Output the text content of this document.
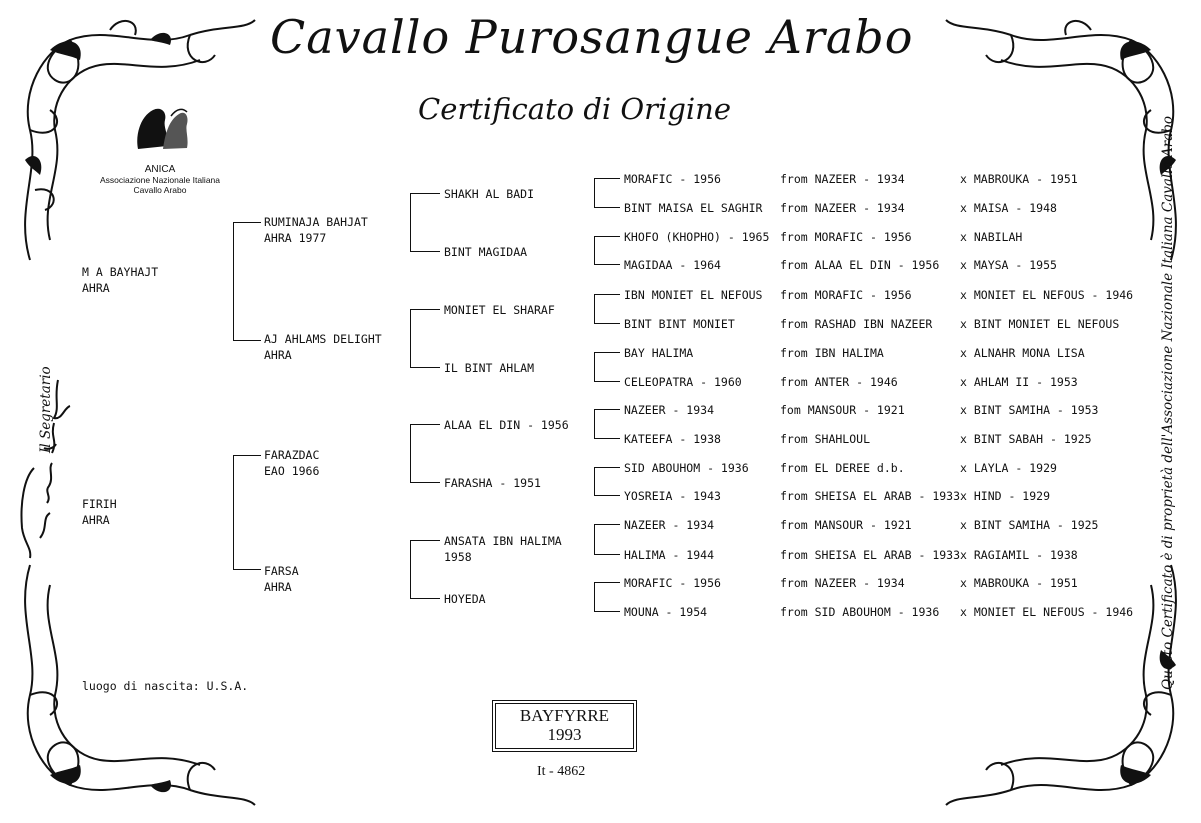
Cavallo Purosangue Arabo
Certificato di Origine
ANICA
Associazione Nazionale Italiana
Cavallo Arabo
Il Segretario	Questo Certificato è di proprietà dell'Associazione Nazionale Italiana Cavallo Arabo
M A BAYHAJT
AHRA
FIRIH
AHRA
RUMINAJA BAHJAT
AHRA 1977
AJ AHLAMS DELIGHT
AHRA
FARAZDAC
EAO 1966
FARSA
AHRA
SHAKH AL BADI
BINT MAGIDAA
MONIET EL SHARAF
IL BINT AHLAM
ALAA EL DIN - 1956
FARASHA - 1951
ANSATA IBN HALIMA
1958
HOYEDA
MORAFIC - 1956	from NAZEER - 1934	x MABROUKA - 1951
BINT MAISA EL SAGHIR from NAZEER - 1934	x MAISA - 1948
KHOFO (KHOPHO) - 1965 from MORAFIC - 1956	x NABILAH
MAGIDAA - 1964	from ALAA EL DIN - 1956 x MAYSA - 1955
IBN MONIET EL NEFOUS from MORAFIC - 1956	x MONIET EL NEFOUS - 1946
BINT BINT MONIET	from RASHAD IBN NAZEER x BINT MONIET EL NEFOUS
BAY HALIMA	from IBN HALIMA	x ALNAHR MONA LISA
CELEOPATRA - 1960	from ANTER - 1946	x AHLAM II - 1953
NAZEER - 1934	fom MANSOUR - 1921	x BINT SAMIHA - 1953
KATEEFA - 1938	from SHAHLOUL	x BINT SABAH - 1925
SID ABOUHOM - 1936	from EL DEREE d.b.	x LAYLA - 1929
YOSREIA - 1943	from SHEISA EL ARAB - 1933 x HIND - 1929
NAZEER - 1934	from MANSOUR - 1921	x BINT SAMIHA - 1925
HALIMA - 1944	from SHEISA EL ARAB - 1933 x RAGIAMIL - 1938
MORAFIC - 1956	from NAZEER - 1934	x MABROUKA - 1951
MOUNA - 1954	from SID ABOUHOM - 1936 x MONIET EL NEFOUS - 1946
luogo di nascita: U.S.A.
BAYFYRRE
1993
It - 4862
